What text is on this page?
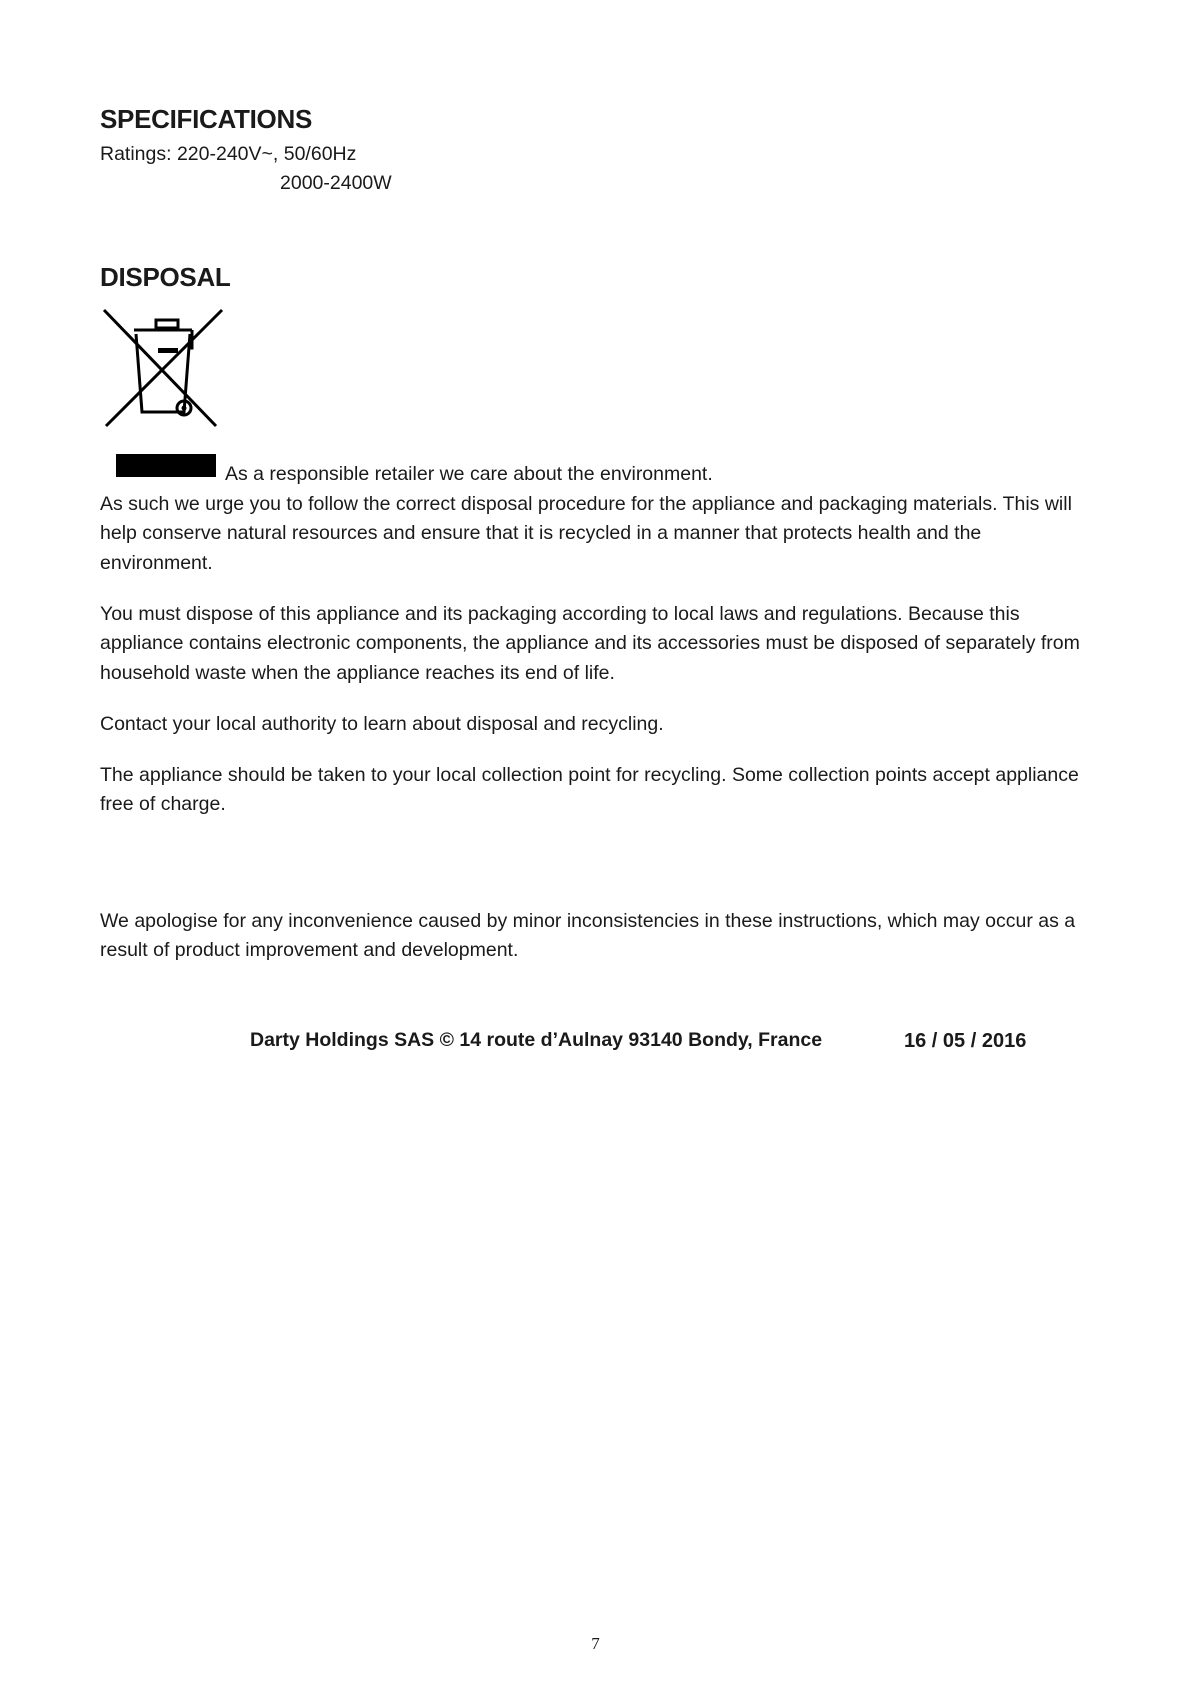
SPECIFICATIONS

Ratings: 220-240V~, 50/60Hz

2000-2400W

DISPOSAL

As a responsible retailer we care about the environment.

As such we urge you to follow the correct disposal procedure for the appliance and packaging materials. This will help conserve natural resources and ensure that it is recycled in a manner that protects health and the environment.

You must dispose of this appliance and its packaging according to local laws and regulations. Because this appliance contains electronic components, the appliance and its accessories must be disposed of separately from household waste when the appliance reaches its end of life.

Contact your local authority to learn about disposal and recycling.

The appliance should be taken to your local collection point for recycling. Some collection points accept appliance free of charge.

We apologise for any inconvenience caused by minor inconsistencies in these instructions, which may occur as a result of product improvement and development.

Darty Holdings SAS © 14 route d’Aulnay 93140 Bondy, France	16 / 05 / 2016

7
